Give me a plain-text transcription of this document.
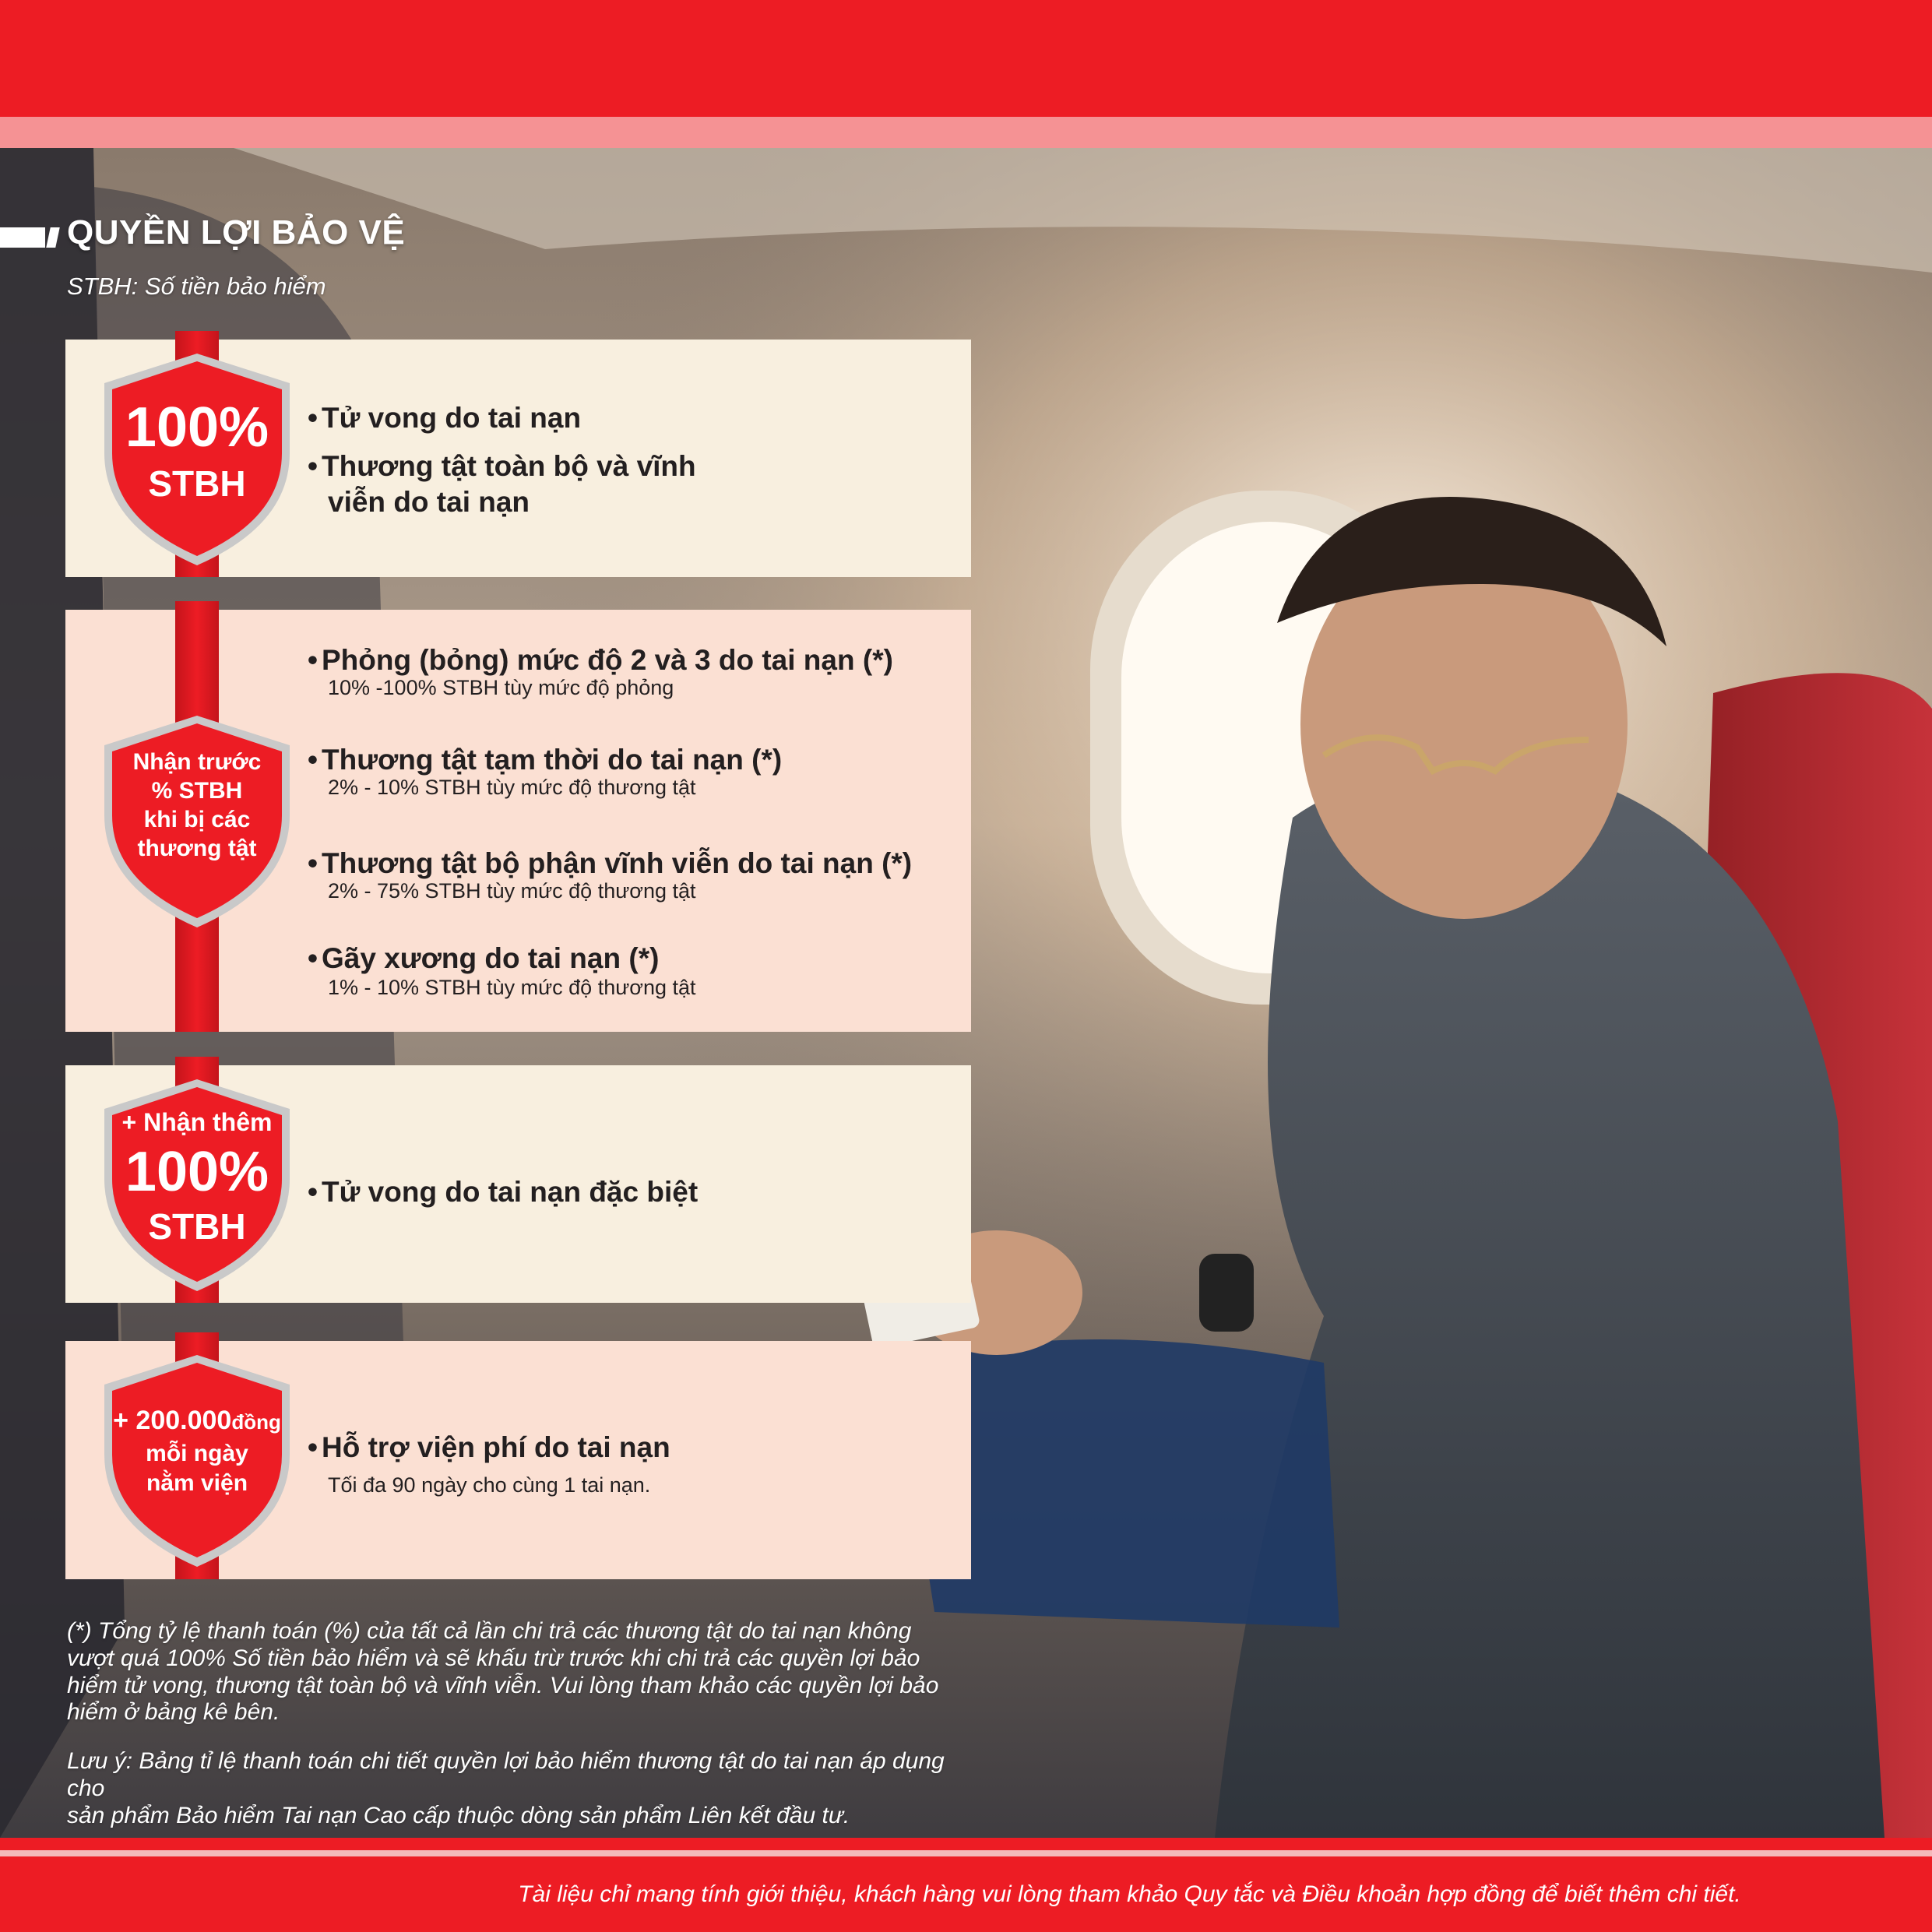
Tài liệu chỉ mang tính giới thiệu, khách hàng vui lòng tham khảo Quy tắc và Điều khoản hợp đồng để biết thêm chi tiết.
QUYỀN LỢI BẢO VỆ
STBH: Số tiền bảo hiểm
100%
STBH
• Tử vong do tai nạn
• Thương tật toàn bộ và vĩnh
viễn do tai nạn
Nhận trước
% STBH
khi bị các
thương tật
• Phỏng (bỏng) mức độ 2 và 3 do tai nạn (*)
10% -100% STBH tùy mức độ phỏng
• Thương tật tạm thời do tai nạn (*)
2% - 10% STBH tùy mức độ thương tật
• Thương tật bộ phận vĩnh viễn do tai nạn (*)
2% - 75% STBH tùy mức độ thương tật
• Gãy xương do tai nạn (*)
1% - 10% STBH tùy mức độ thương tật
+ Nhận thêm
100%
STBH
• Tử vong do tai nạn đặc biệt
+ 200.000đồng
mỗi ngày
nằm viện
• Hỗ trợ viện phí do tai nạn
Tối đa 90 ngày cho cùng 1 tai nạn.
(*) Tổng tỷ lệ thanh toán (%) của tất cả lần chi trả các thương tật do tai nạn không
vượt quá 100% Số tiền bảo hiểm và sẽ khấu trừ trước khi chi trả các quyền lợi bảo
hiểm tử vong, thương tật toàn bộ và vĩnh viễn. Vui lòng tham khảo các quyền lợi bảo
hiểm ở bảng kê bên.
Lưu ý: Bảng tỉ lệ thanh toán chi tiết quyền lợi bảo hiểm thương tật do tai nạn áp dụng cho
sản phẩm Bảo hiểm Tai nạn Cao cấp thuộc dòng sản phẩm Liên kết đầu tư.
